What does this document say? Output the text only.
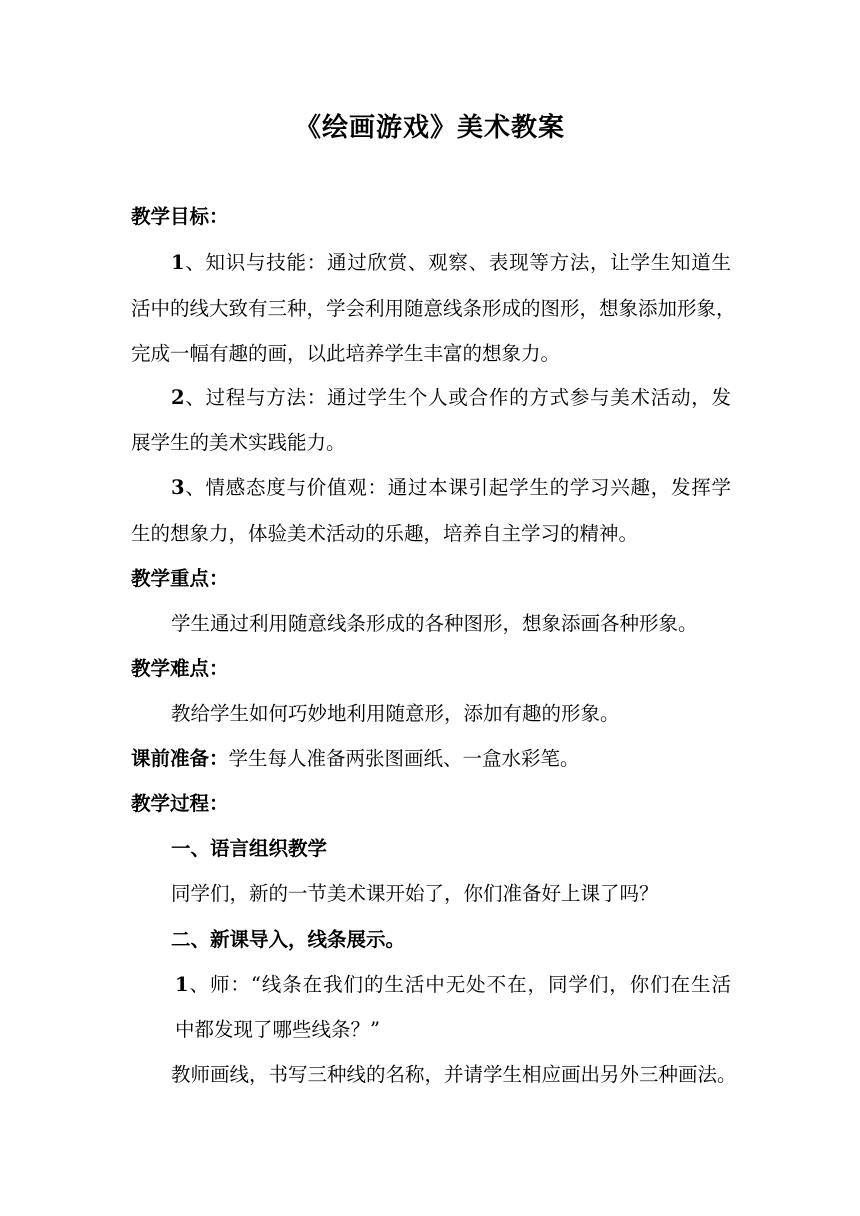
《绘画游戏》美术教案
教学目标：
1、知识与技能：通过欣赏、观察、表现等方法，让学生知道生
活中的线大致有三种，学会利用随意线条形成的图形，想象添加形象，
完成一幅有趣的画，以此培养学生丰富的想象力。
2、过程与方法：通过学生个人或合作的方式参与美术活动，发
展学生的美术实践能力。
3、情感态度与价值观：通过本课引起学生的学习兴趣，发挥学
生的想象力，体验美术活动的乐趣，培养自主学习的精神。
教学重点：
学生通过利用随意线条形成的各种图形，想象添画各种形象。
教学难点：
教给学生如何巧妙地利用随意形，添加有趣的形象。
课前准备：学生每人准备两张图画纸、一盒水彩笔。
教学过程：
一、语言组织教学
同学们，新的一节美术课开始了，你们准备好上课了吗？
二、新课导入，线条展示。
1、师：“线条在我们的生活中无处不在，同学们，你们在生活
中都发现了哪些线条？”
教师画线，书写三种线的名称，并请学生相应画出另外三种画法。
